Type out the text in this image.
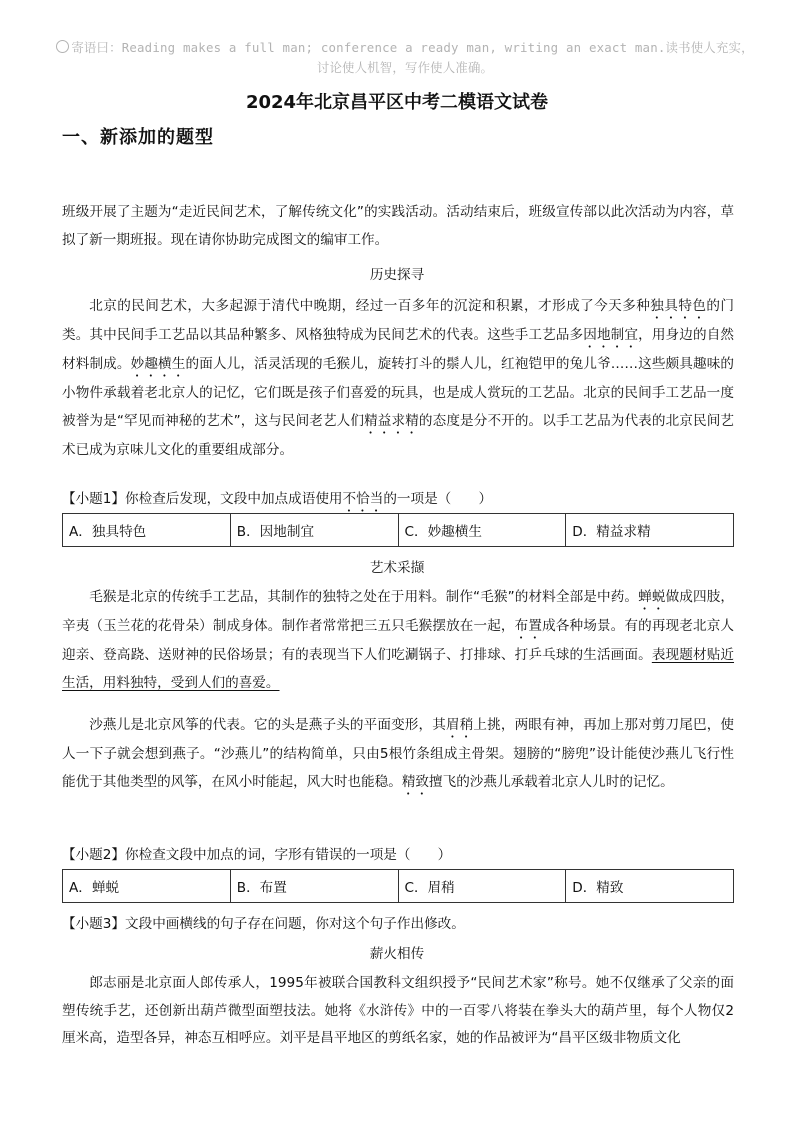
寄语曰：Reading makes a full man; conference a ready man, writing an exact man.读书使人充实，
讨论使人机智，写作使人准确。
2024年北京昌平区中考二模语文试卷
一、新添加的题型
班级开展了主题为“走近民间艺术，了解传统文化”的实践活动。活动结束后，班级宣传部以此次活动为内容，草拟了新一期班报。现在请你协助完成图文的编审工作。
历史探寻
北京的民间艺术，大多起源于清代中晚期，经过一百多年的沉淀和积累，才形成了今天多种独具特色的门类。其中民间手工艺品以其品种繁多、风格独特成为民间艺术的代表。这些手工艺品多因地制宜，用身边的自然材料制成。妙趣横生的面人儿，活灵活现的毛猴儿，旋转打斗的鬃人儿，红袍铠甲的兔儿爷……这些颇具趣味的小物件承载着老北京人的记忆，它们既是孩子们喜爱的玩具，也是成人赏玩的工艺品。北京的民间手工艺品一度被誉为是“罕见而神秘的艺术”，这与民间老艺人们精益求精的态度是分不开的。以手工艺品为代表的北京民间艺术已成为京味儿文化的重要组成部分。
【小题1】你检查后发现，文段中加点成语使用不恰当的一项是（　　）
A．独具特色	B．因地制宜	C．妙趣横生	D．精益求精
艺术采撷
毛猴是北京的传统手工艺品，其制作的独特之处在于用料。制作“毛猴”的材料全部是中药。蝉蜕做成四肢，辛夷（玉兰花的花骨朵）制成身体。制作者常常把三五只毛猴摆放在一起，布置成各种场景。有的再现老北京人迎亲、登高跷、送财神的民俗场景；有的表现当下人们吃涮锅子、打排球、打乒乓球的生活画面。表现题材贴近生活，用料独特，受到人们的喜爱。
沙燕儿是北京风筝的代表。它的头是燕子头的平面变形，其眉稍上挑，两眼有神，再加上那对剪刀尾巴，使人一下子就会想到燕子。“沙燕儿”的结构简单，只由5根竹条组成主骨架。翅膀的“膀兜”设计能使沙燕儿飞行性能优于其他类型的风筝，在风小时能起，风大时也能稳。精致擅飞的沙燕儿承载着北京人儿时的记忆。
【小题2】你检查文段中加点的词，字形有错误的一项是（　　）
A．蝉蜕	B．布置	C．眉稍	D．精致
【小题3】文段中画横线的句子存在问题，你对这个句子作出修改。
薪火相传
郎志丽是北京面人郎传承人，1995年被联合国教科文组织授予“民间艺术家”称号。她不仅继承了父亲的面塑传统手艺，还创新出葫芦微型面塑技法。她将《水浒传》中的一百零八将装在拳头大的葫芦里，每个人物仅2厘米高，造型各异，神态互相呼应。刘平是昌平地区的剪纸名家，她的作品被评为“昌平区级非物质文化
